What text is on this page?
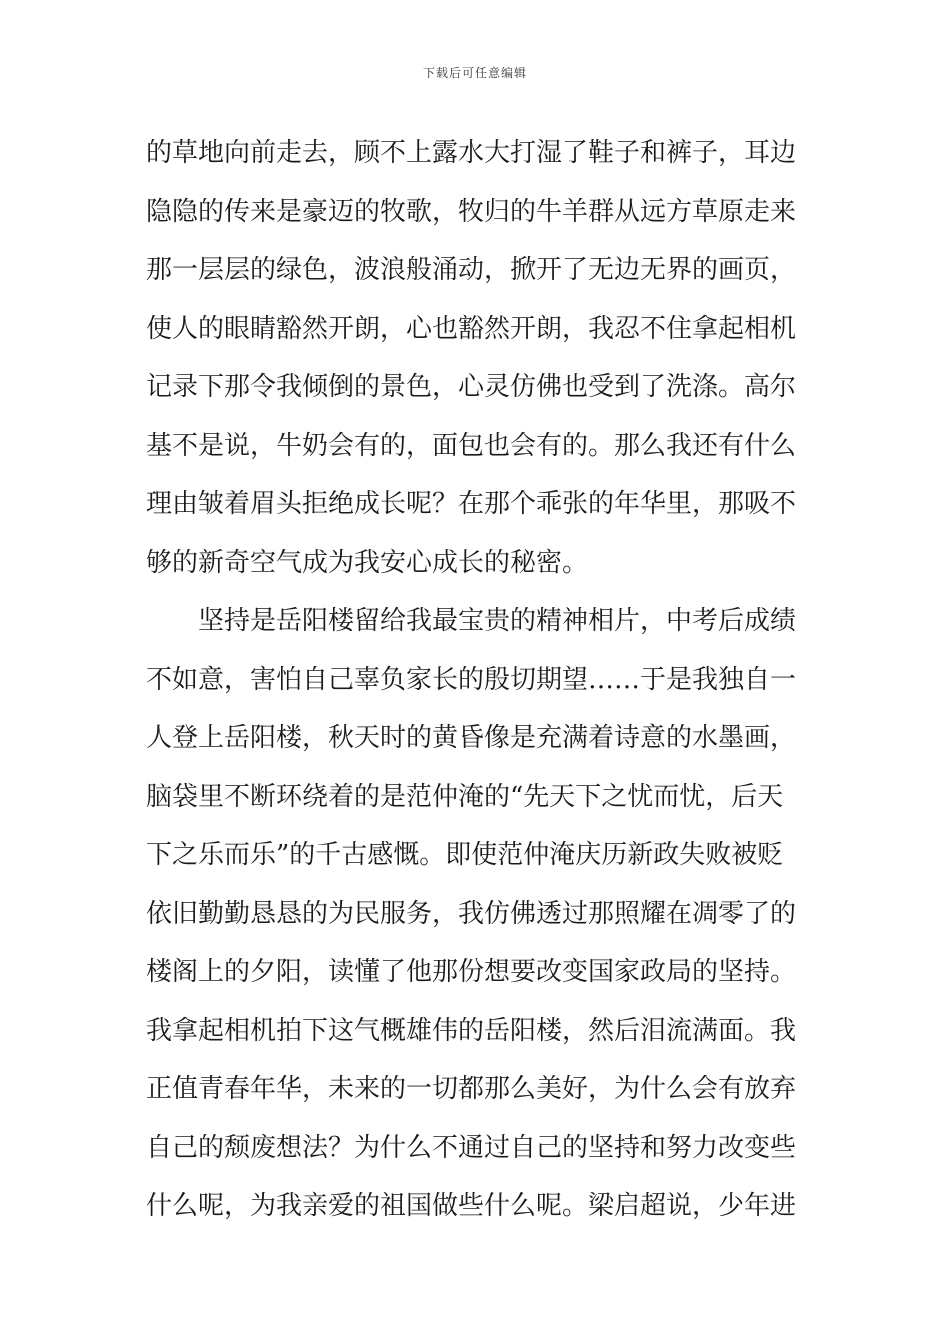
下载后可任意编辑
的草地向前走去，顾不上露水大打湿了鞋子和裤子，耳边
隐隐的传来是豪迈的牧歌，牧归的牛羊群从远方草原走来
那一层层的绿色，波浪般涌动，掀开了无边无界的画页，
使人的眼睛豁然开朗，心也豁然开朗，我忍不住拿起相机
记录下那令我倾倒的景色，心灵仿佛也受到了洗涤。高尔
基不是说，牛奶会有的，面包也会有的。那么我还有什么
理由皱着眉头拒绝成长呢？在那个乖张的年华里，那吸不
够的新奇空气成为我安心成长的秘密。
　　坚持是岳阳楼留给我最宝贵的精神相片，中考后成绩
不如意，害怕自己辜负家长的殷切期望……于是我独自一
人登上岳阳楼，秋天时的黄昏像是充满着诗意的水墨画，
脑袋里不断环绕着的是范仲淹的“先天下之忧而忧，后天
下之乐而乐”的千古感慨。即使范仲淹庆历新政失败被贬
依旧勤勤恳恳的为民服务，我仿佛透过那照耀在凋零了的
楼阁上的夕阳，读懂了他那份想要改变国家政局的坚持。
我拿起相机拍下这气概雄伟的岳阳楼，然后泪流满面。我
正值青春年华，未来的一切都那么美好，为什么会有放弃
自己的颓废想法？为什么不通过自己的坚持和努力改变些
什么呢，为我亲爱的祖国做些什么呢。梁启超说，少年进
